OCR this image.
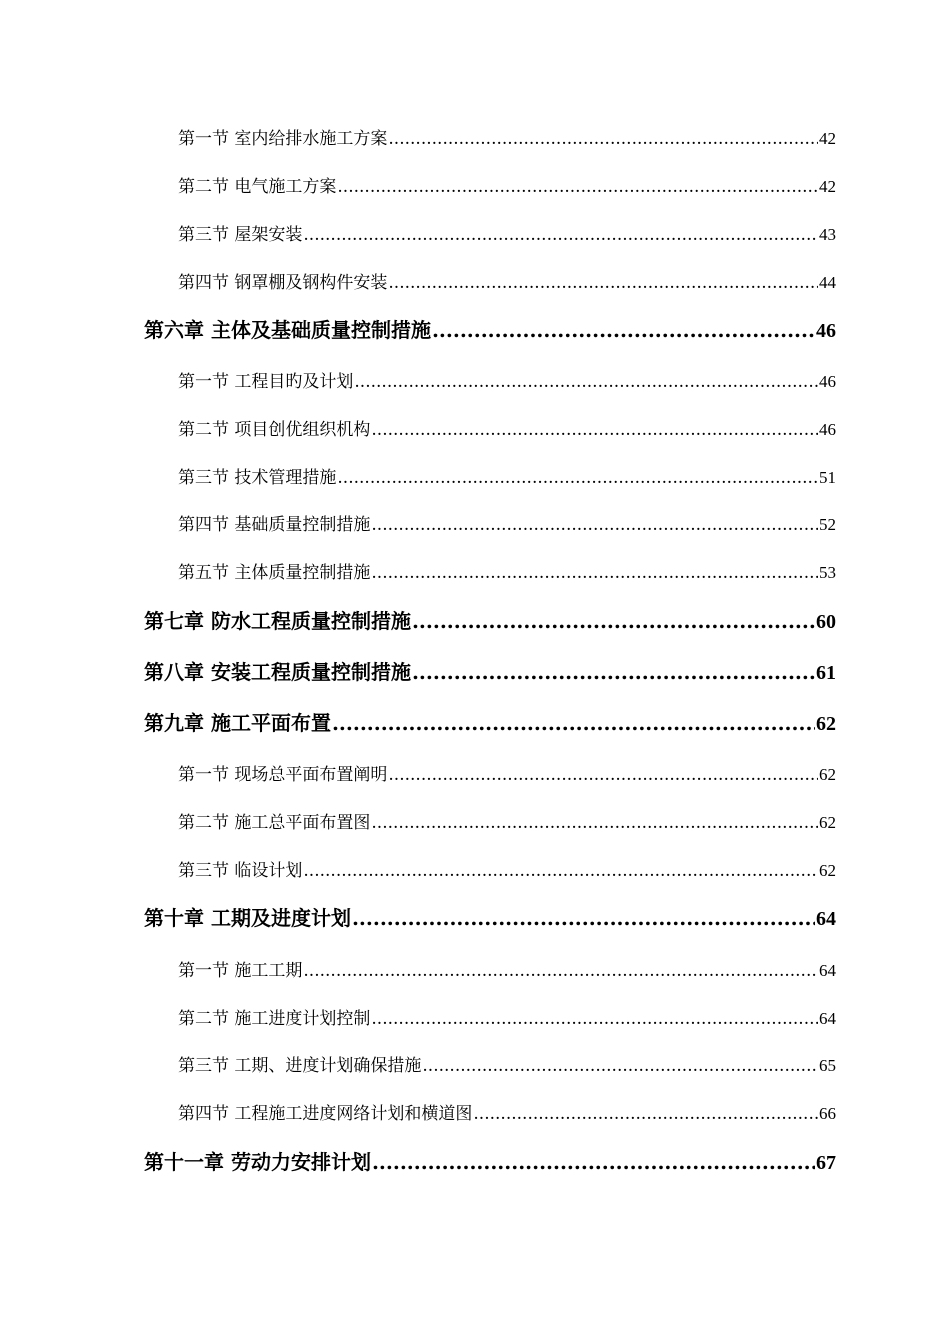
第一节 室内给排水施工方案 .....	42
第二节 电气施工方案 .....	42
第三节 屋架安装 .....	43
第四节 钢罩棚及钢构件安装 .....	44
第六章 主体及基础质量控制措施 .....	46
第一节 工程目旳及计划 .....	46
第二节 项目创优组织机构 .....	46
第三节 技术管理措施 .....	51
第四节 基础质量控制措施 .....	52
第五节 主体质量控制措施 .....	53
第七章 防水工程质量控制措施 .....	60
第八章 安装工程质量控制措施 .....	61
第九章 施工平面布置 .....	62
第一节 现场总平面布置阐明 .....	62
第二节 施工总平面布置图 .....	62
第三节 临设计划 .....	62
第十章 工期及进度计划 .....	64
第一节 施工工期 .....	64
第二节 施工进度计划控制 .....	64
第三节 工期、进度计划确保措施 .....	65
第四节 工程施工进度网络计划和横道图 .....	66
第十一章 劳动力安排计划 .....	67
